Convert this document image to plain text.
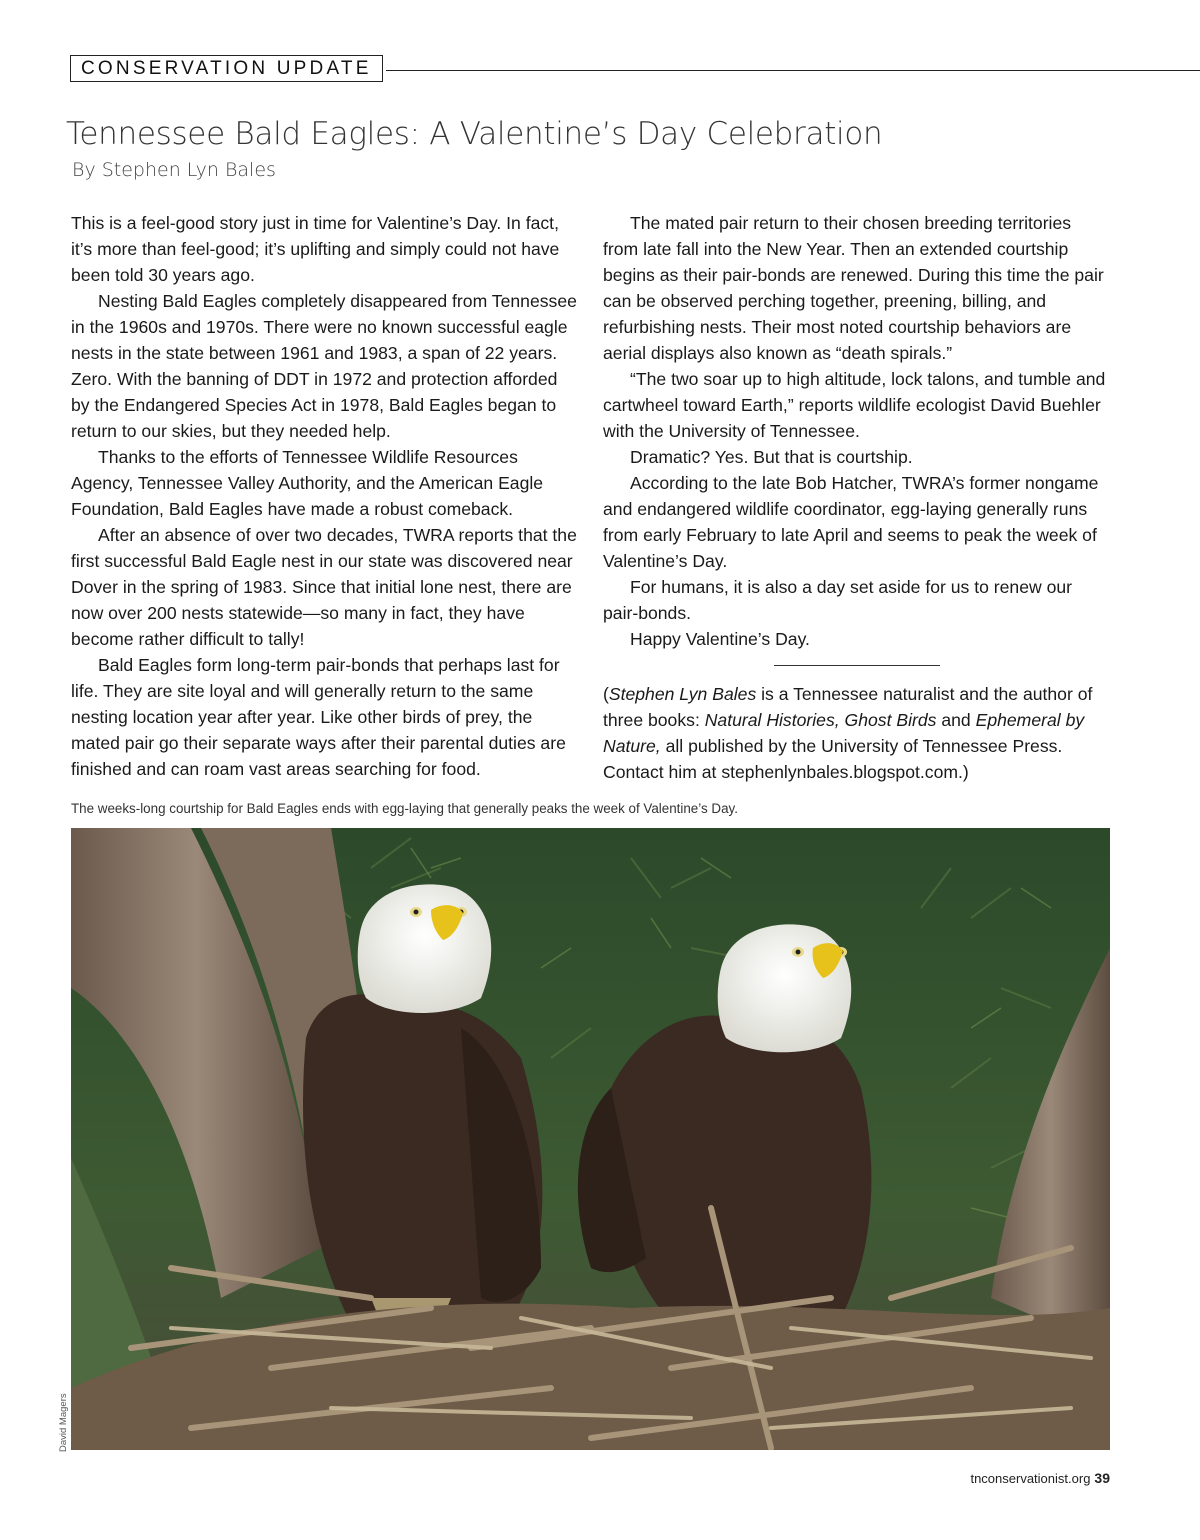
CONSERVATION UPDATE
Tennessee Bald Eagles: A Valentine’s Day Celebration
By Stephen Lyn Bales

This is a feel-good story just in time for Valentine’s Day. In fact, it’s more than feel-good; it’s uplifting and simply could not have been told 30 years ago.

Nesting Bald Eagles completely disappeared from Tennessee in the 1960s and 1970s. There were no known successful eagle nests in the state between 1961 and 1983, a span of 22 years. Zero. With the banning of DDT in 1972 and protection afforded by the Endangered Species Act in 1978, Bald Eagles began to return to our skies, but they needed help.

Thanks to the efforts of Tennessee Wildlife Resources Agency, Tennessee Valley Authority, and the American Eagle Foundation, Bald Eagles have made a robust comeback.

After an absence of over two decades, TWRA reports that the first successful Bald Eagle nest in our state was discovered near Dover in the spring of 1983. Since that initial lone nest, there are now over 200 nests statewide—so many in fact, they have become rather difficult to tally!

Bald Eagles form long-term pair-bonds that perhaps last for life. They are site loyal and will generally return to the same nesting location year after year. Like other birds of prey, the mated pair go their separate ways after their parental duties are finished and can roam vast areas searching for food.

The mated pair return to their chosen breeding territories from late fall into the New Year. Then an extended courtship begins as their pair-bonds are renewed. During this time the pair can be observed perching together, preening, billing, and refurbishing nests. Their most noted courtship behaviors are aerial displays also known as “death spirals.”

“The two soar up to high altitude, lock talons, and tumble and cartwheel toward Earth,” reports wildlife ecologist David Buehler with the University of Tennessee.

Dramatic? Yes. But that is courtship.

According to the late Bob Hatcher, TWRA’s former nongame and endangered wildlife coordinator, egg-laying generally runs from early February to late April and seems to peak the week of Valentine’s Day.

For humans, it is also a day set aside for us to renew our pair-bonds.

Happy Valentine’s Day.

(Stephen Lyn Bales is a Tennessee naturalist and the author of three books: Natural Histories, Ghost Birds and Ephemeral by Nature, all published by the University of Tennessee Press. Contact him at stephenlynbales.blogspot.com.)

The weeks-long courtship for Bald Eagles ends with egg-laying that generally peaks the week of Valentine’s Day.
David Magers
tnconservationist.org 39
